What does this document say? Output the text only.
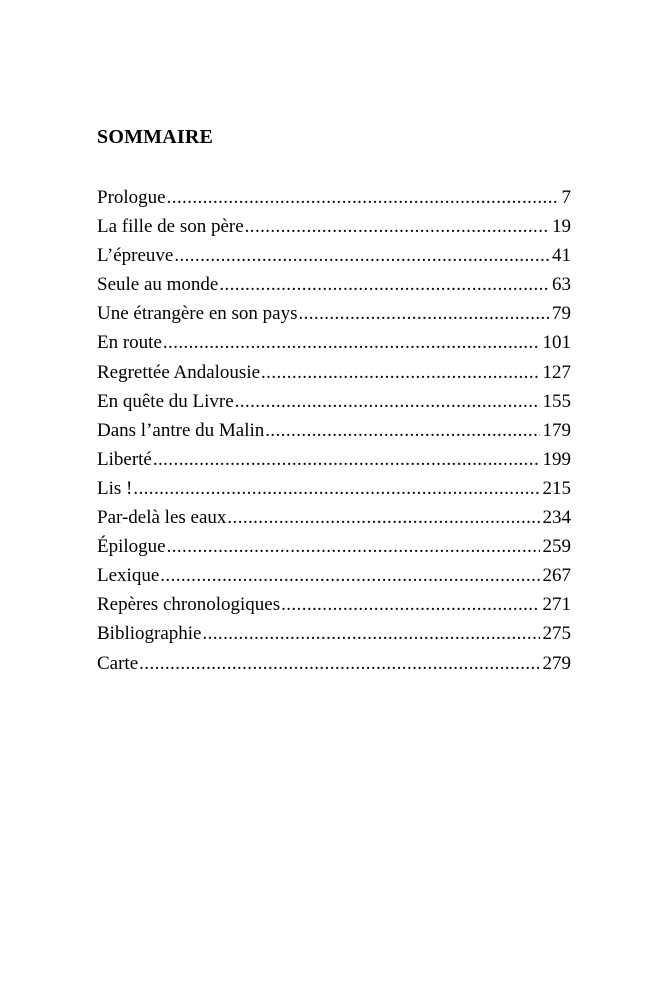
SOMMAIRE
Prologue .....	7
La fille de son père .....	19
L’épreuve .....	41
Seule au monde .....	63
Une étrangère en son pays .....	79
En route .....	101
Regrettée Andalousie .....	127
En quête du Livre .....	155
Dans l’antre du Malin .....	179
Liberté .....	199
Lis ! .....	215
Par-delà les eaux .....	234
Épilogue .....	259
Lexique .....	267
Repères chronologiques .....	271
Bibliographie .....	275
Carte .....	279
